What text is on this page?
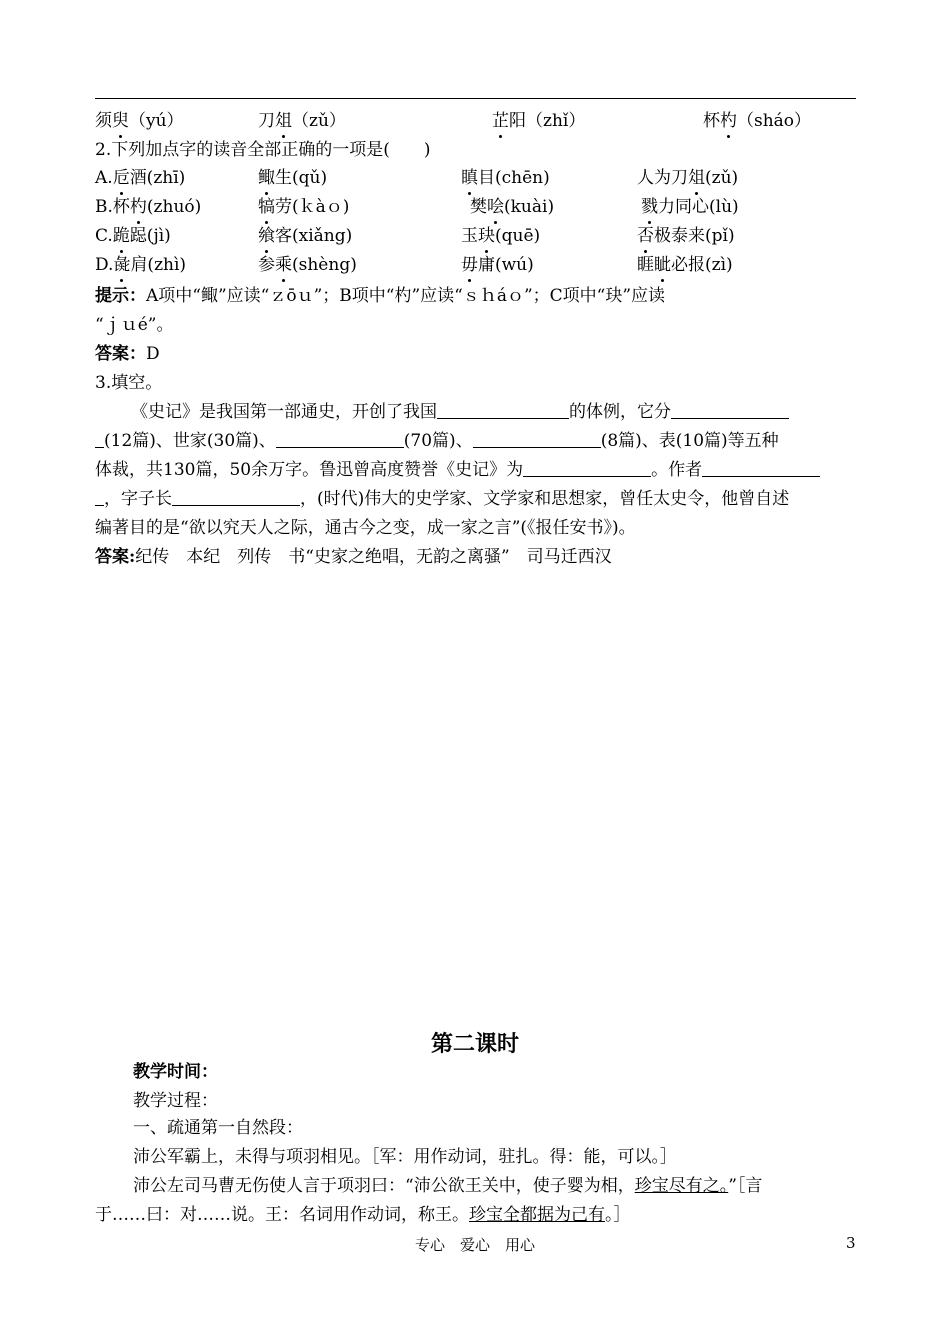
须臾（yú）	刀俎（zǔ）	芷阳（zhǐ）	杯杓（sháo）
2.下列加点字的读音全部正确的一项是(　　)
A.卮酒(zhī)	鲰生(qǔ)	瞋目(chēn)	人为刀俎(zǔ)
B.杯杓(zhuó)	犒劳(ｋàｏ)	樊哙(kuài)	戮力同心(lù)
C.跪跽(jì)	飨客(xiǎng)	玉玦(quē)	否极泰来(pǐ)
D.彘肩(zhì)	参乘(shèng)	毋庸(wú)	睚眦必报(zì)
提示：A项中“鲰”应读“ｚōｕ”；B项中“杓”应读“ｓｈáｏ”；C项中“玦”应读
“ｊｕé”。
答案：D
3.填空。
《史记》是我国第一部通史，开创了我国	的体例，它分
(12篇)、世家(30篇)、	(70篇)、	(8篇)、表(10篇)等五种
体裁，共130篇，50余万字。鲁迅曾高度赞誉《史记》为	。作者
，字子长	，(时代)伟大的史学家、文学家和思想家，曾任太史令，他曾自述
编著目的是“欲以究天人之际，通古今之变，成一家之言”(《报任安书》)。
答案:纪传　本纪　列传　书“史家之绝唱，无韵之离骚”　司马迁西汉
第二课时
教学时间：
教学过程：
一、疏通第一自然段：
沛公军霸上，未得与项羽相见。［军：用作动词，驻扎。得：能，可以。］
沛公左司马曹无伤使人言于项羽曰：“沛公欲王关中，使子婴为相，珍宝尽有之。”［言
于……曰：对……说。王：名词用作动词，称王。珍宝全都据为己有。］
专心　爱心　用心	3
